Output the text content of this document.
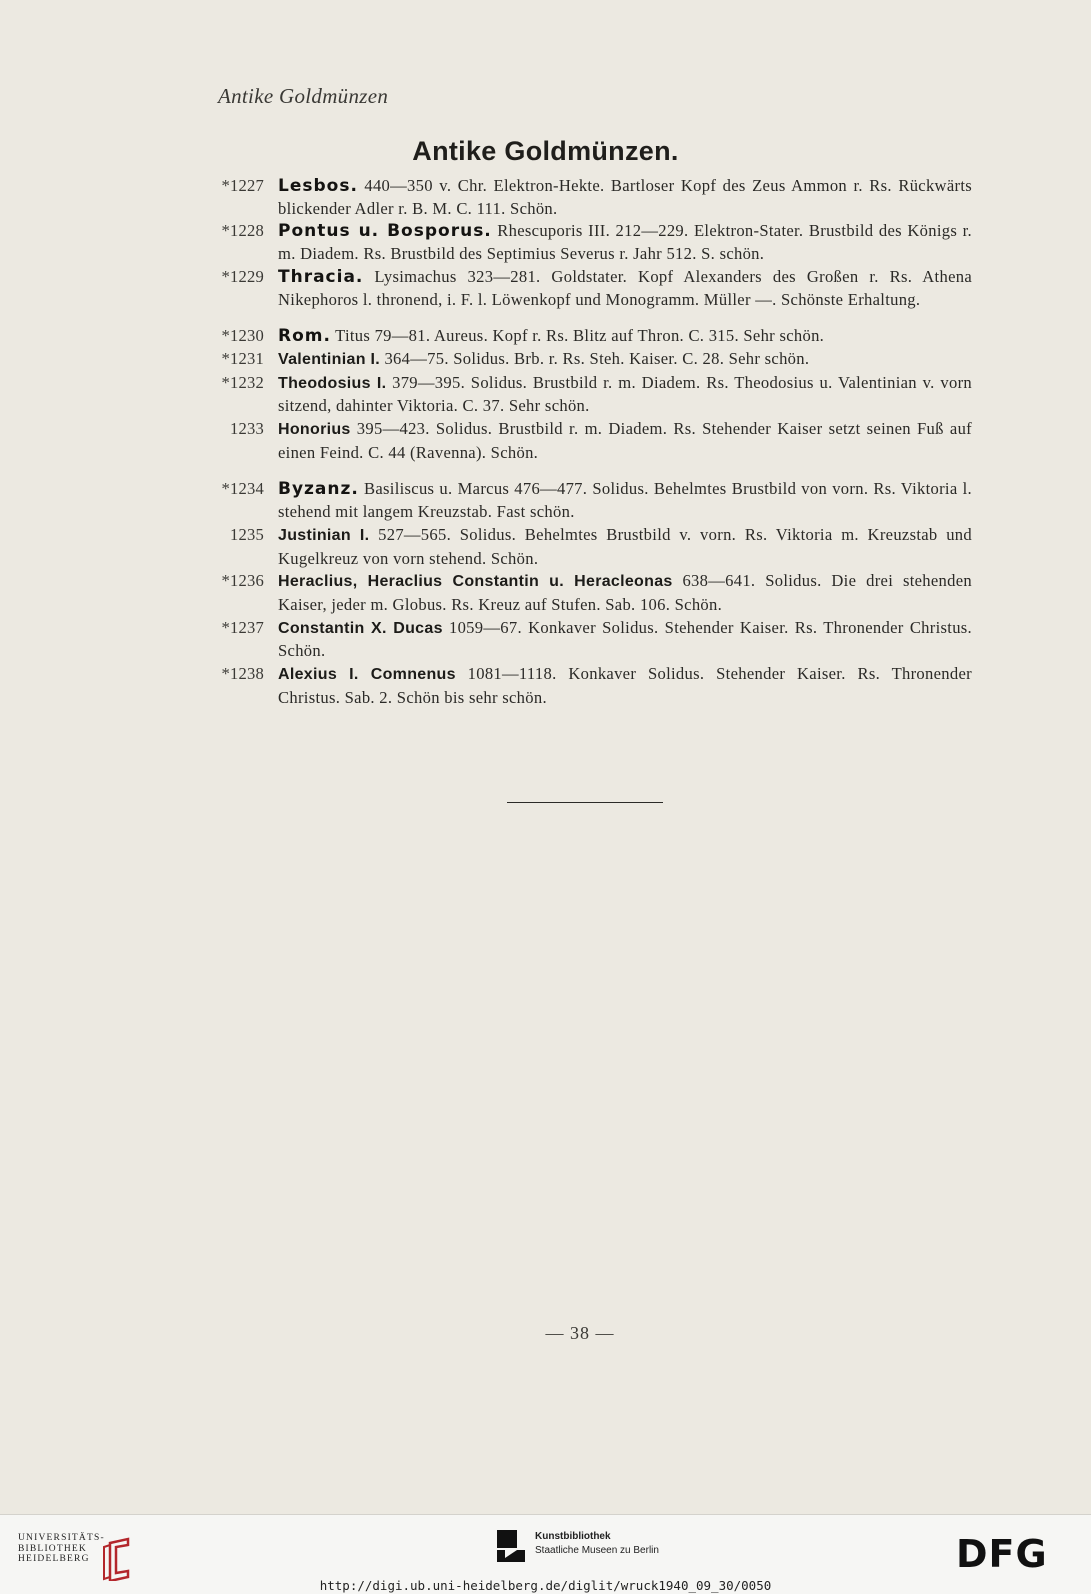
Antike Goldmünzen
Antike Goldmünzen.
*1227 Lesbos. 440—350 v. Chr. Elektron-Hekte. Bartloser Kopf des Zeus Ammon r. Rs. Rückwärts blickender Adler r. B. M. C. 111. Schön.
*1228 Pontus u. Bosporus. Rhescuporis III. 212—229. Elektron-Stater. Brustbild des Königs r. m. Diadem. Rs. Brustbild des Septimius Severus r. Jahr 512. S. schön.
*1229 Thracia. Lysimachus 323—281. Goldstater. Kopf Alexanders des Großen r. Rs. Athena Nikephoros l. thronend, i. F. l. Löwenkopf und Monogramm. Müller —. Schönste Erhaltung.
*1230 Rom. Titus 79—81. Aureus. Kopf r. Rs. Blitz auf Thron. C. 315. Sehr schön.
*1231 Valentinian I. 364—75. Solidus. Brb. r. Rs. Steh. Kaiser. C. 28. Sehr schön.
*1232 Theodosius I. 379—395. Solidus. Brustbild r. m. Diadem. Rs. Theodosius u. Valentinian v. vorn sitzend, dahinter Viktoria. C. 37. Sehr schön.
1233 Honorius 395—423. Solidus. Brustbild r. m. Diadem. Rs. Stehender Kaiser setzt seinen Fuß auf einen Feind. C. 44 (Ravenna). Schön.
*1234 Byzanz. Basiliscus u. Marcus 476—477. Solidus. Behelmtes Brustbild von vorn. Rs. Viktoria l. stehend mit langem Kreuzstab. Fast schön.
1235 Justinian I. 527—565. Solidus. Behelmtes Brustbild v. vorn. Rs. Viktoria m. Kreuzstab und Kugelkreuz von vorn stehend. Schön.
*1236 Heraclius, Heraclius Constantin u. Heracleonas 638—641. Solidus. Die drei stehenden Kaiser, jeder m. Globus. Rs. Kreuz auf Stufen. Sab. 106. Schön.
*1237 Constantin X. Ducas 1059—67. Konkaver Solidus. Stehender Kaiser. Rs. Thronender Christus. Schön.
*1238 Alexius I. Comnenus 1081—1118. Konkaver Solidus. Stehender Kaiser. Rs. Thronender Christus. Sab. 2. Schön bis sehr schön.
— 38 —
UNIVERSITÄTS-
BIBLIOTHEK
HEIDELBERG
Kunstbibliothek
Staatliche Museen zu Berlin	DFG
http://digi.ub.uni-heidelberg.de/diglit/wruck1940_09_30/0050
